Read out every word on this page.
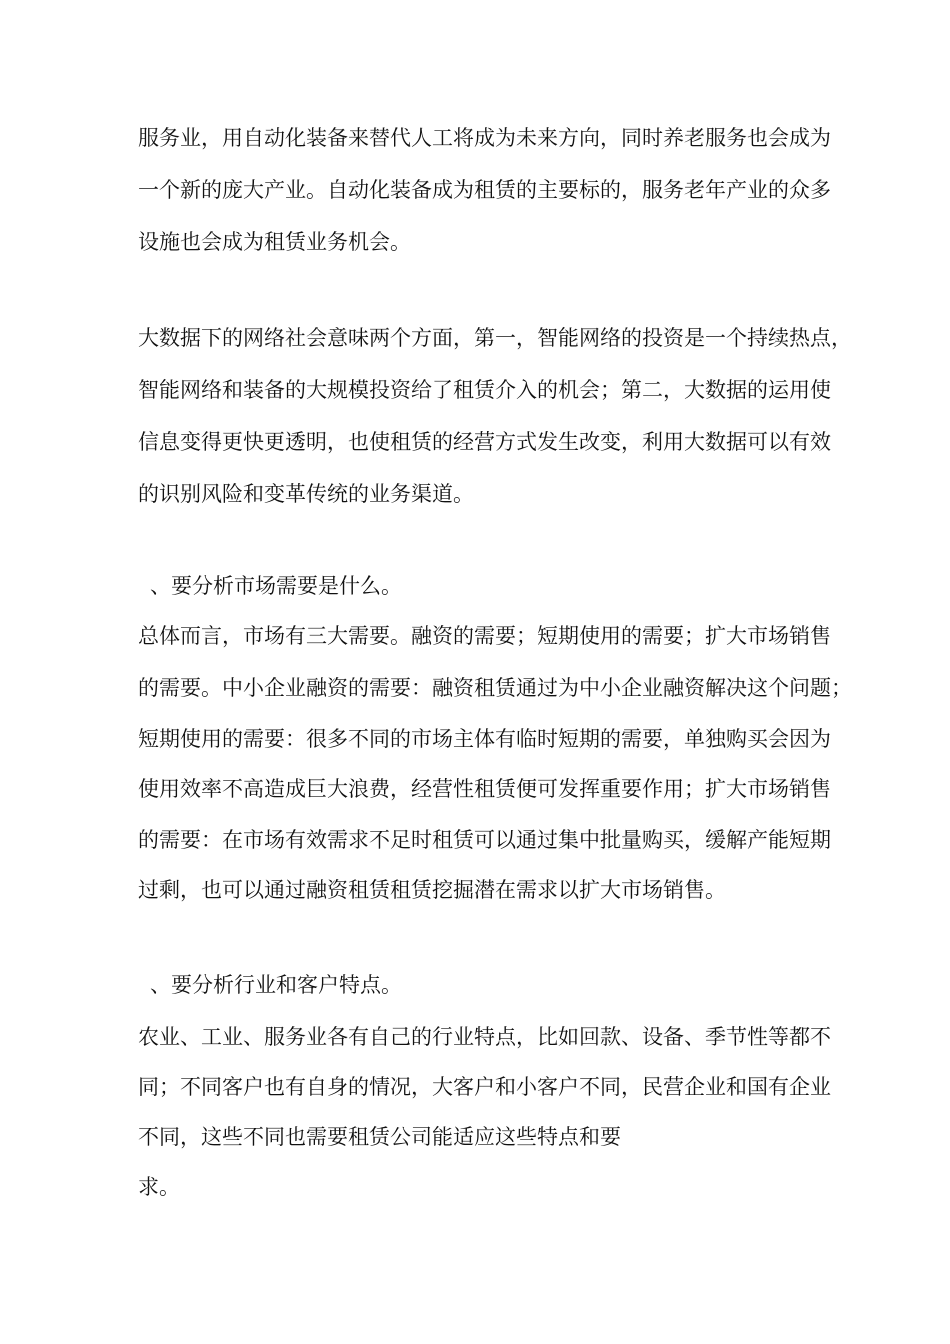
服务业，用自动化装备来替代人工将成为未来方向，同时养老服务也会成为
一个新的庞大产业。自动化装备成为租赁的主要标的，服务老年产业的众多
设施也会成为租赁业务机会。
大数据下的网络社会意味两个方面，第一，智能网络的投资是一个持续热点，
智能网络和装备的大规模投资给了租赁介入的机会；第二，大数据的运用使
信息变得更快更透明，也使租赁的经营方式发生改变，利用大数据可以有效
的识别风险和变革传统的业务渠道。
、要分析市场需要是什么。
总体而言，市场有三大需要。融资的需要；短期使用的需要；扩大市场销售
的需要。中小企业融资的需要：融资租赁通过为中小企业融资解决这个问题；
短期使用的需要：很多不同的市场主体有临时短期的需要，单独购买会因为
使用效率不高造成巨大浪费，经营性租赁便可发挥重要作用；扩大市场销售
的需要：在市场有效需求不足时租赁可以通过集中批量购买，缓解产能短期
过剩，也可以通过融资租赁租赁挖掘潜在需求以扩大市场销售。
、要分析行业和客户特点。
农业、工业、服务业各有自己的行业特点，比如回款、设备、季节性等都不
同；不同客户也有自身的情况，大客户和小客户不同，民营企业和国有企业
不同，这些不同也需要租赁公司能适应这些特点和要
求。
